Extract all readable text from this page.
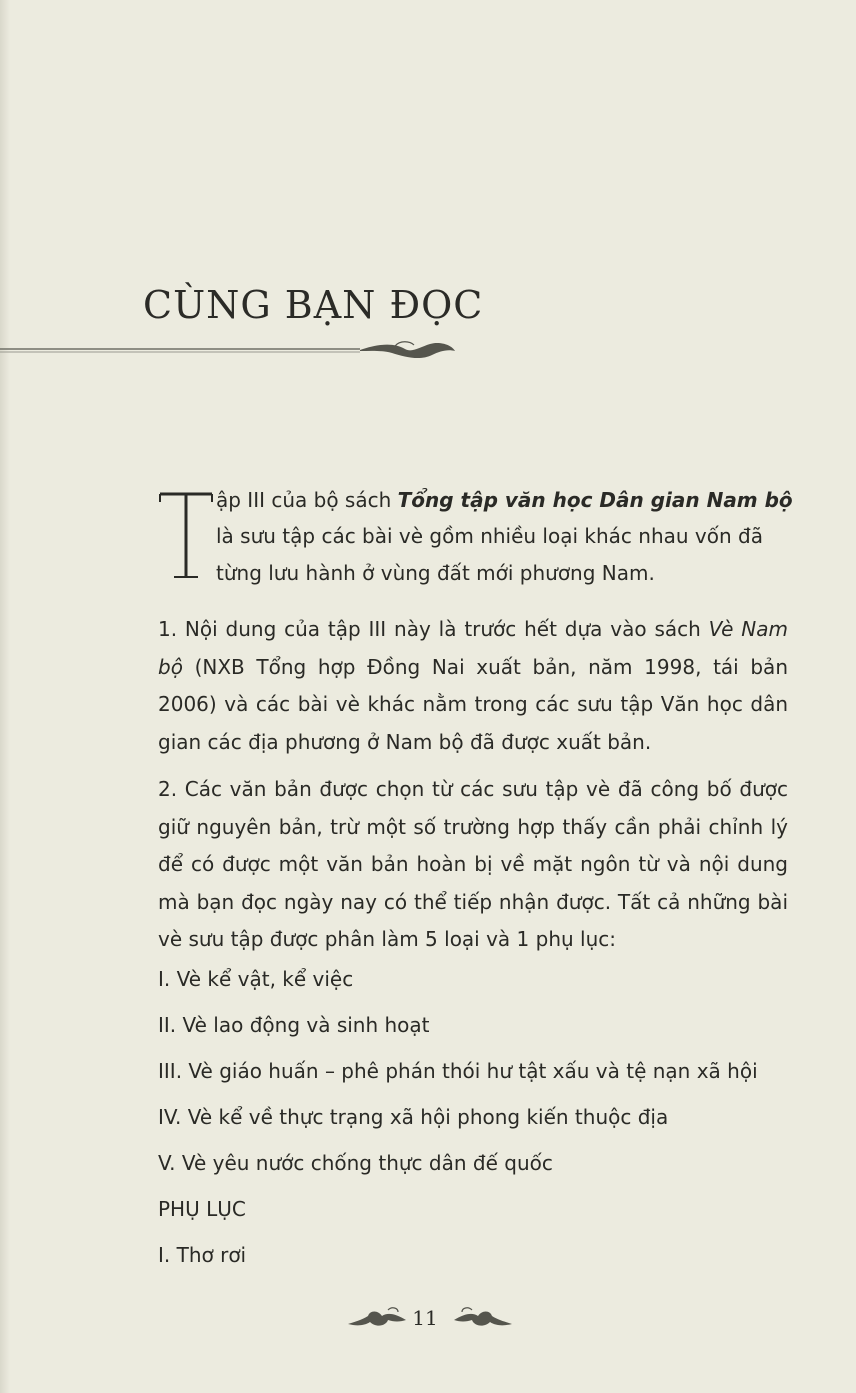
CÙNG BẠN ĐỌC
ập III của bộ sách Tổng tập văn học Dân gian Nam bộ
là sưu tập các bài vè gồm nhiều loại khác nhau vốn đã
từng lưu hành ở vùng đất mới phương Nam.

1. Nội dung của tập III này là trước hết dựa vào sách Vè Nam bộ (NXB Tổng hợp Đồng Nai xuất bản, năm 1998, tái bản 2006) và các bài vè khác nằm trong các sưu tập Văn học dân gian các địa phương ở Nam bộ đã được xuất bản.

2. Các văn bản được chọn từ các sưu tập vè đã công bố được giữ nguyên bản, trừ một số trường hợp thấy cần phải chỉnh lý để có được một văn bản hoàn bị về mặt ngôn từ và nội dung mà bạn đọc ngày nay có thể tiếp nhận được. Tất cả những bài vè sưu tập được phân làm 5 loại và 1 phụ lục:

I. Vè kể vật, kể việc
II. Vè lao động và sinh hoạt
III. Vè giáo huấn – phê phán thói hư tật xấu và tệ nạn xã hội
IV. Vè kể về thực trạng xã hội phong kiến thuộc địa
V. Vè yêu nước chống thực dân đế quốc
PHỤ LỤC
I. Thơ rơi
11
